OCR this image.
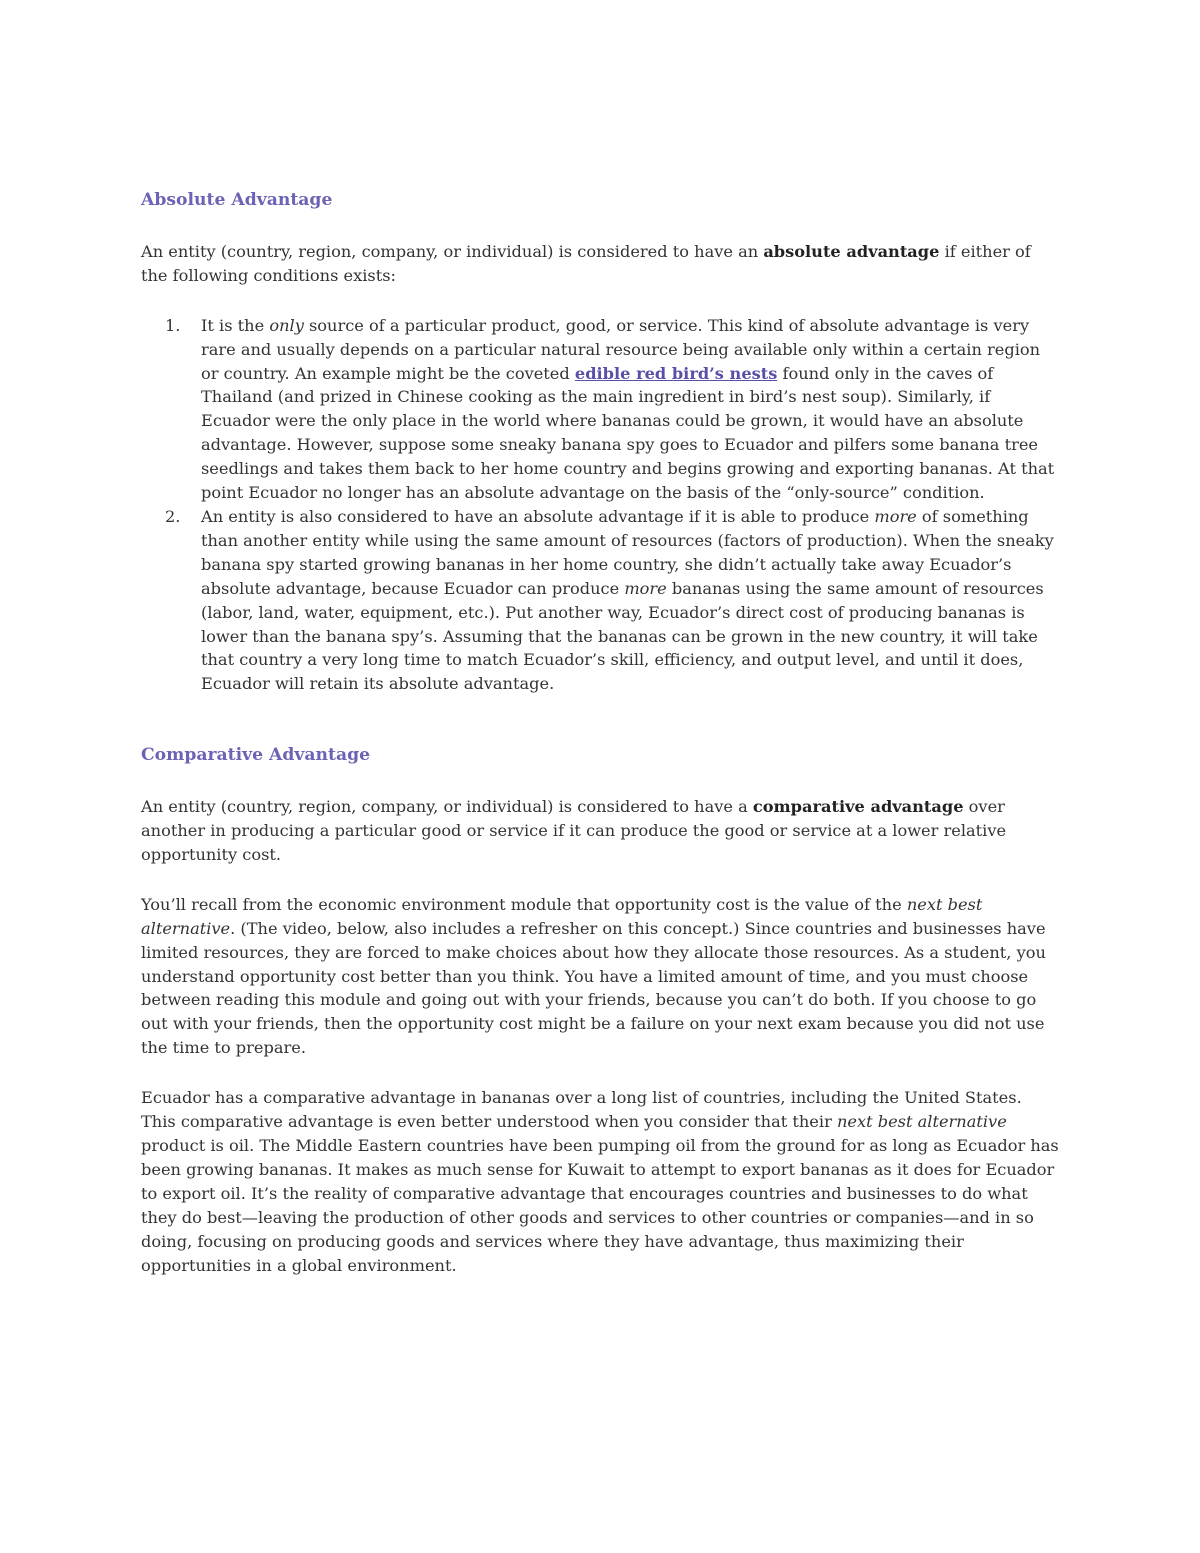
Absolute Advantage

An entity (country, region, company, or individual) is considered to have an absolute advantage if either of the following conditions exists:

1. It is the only source of a particular product, good, or service. This kind of absolute advantage is very rare and usually depends on a particular natural resource being available only within a certain region or country. An example might be the coveted edible red bird’s nests found only in the caves of Thailand (and prized in Chinese cooking as the main ingredient in bird’s nest soup). Similarly, if Ecuador were the only place in the world where bananas could be grown, it would have an absolute advantage. However, suppose some sneaky banana spy goes to Ecuador and pilfers some banana tree seedlings and takes them back to her home country and begins growing and exporting bananas. At that point Ecuador no longer has an absolute advantage on the basis of the “only-source” condition.
2. An entity is also considered to have an absolute advantage if it is able to produce more of something than another entity while using the same amount of resources (factors of production). When the sneaky banana spy started growing bananas in her home country, she didn’t actually take away Ecuador’s absolute advantage, because Ecuador can produce more bananas using the same amount of resources (labor, land, water, equipment, etc.). Put another way, Ecuador’s direct cost of producing bananas is lower than the banana spy’s. Assuming that the bananas can be grown in the new country, it will take that country a very long time to match Ecuador’s skill, efficiency, and output level, and until it does, Ecuador will retain its absolute advantage.
Comparative Advantage

An entity (country, region, company, or individual) is considered to have a comparative advantage over another in producing a particular good or service if it can produce the good or service at a lower relative opportunity cost.

You’ll recall from the economic environment module that opportunity cost is the value of the next best alternative. (The video, below, also includes a refresher on this concept.) Since countries and businesses have limited resources, they are forced to make choices about how they allocate those resources. As a student, you understand opportunity cost better than you think. You have a limited amount of time, and you must choose between reading this module and going out with your friends, because you can’t do both. If you choose to go out with your friends, then the opportunity cost might be a failure on your next exam because you did not use the time to prepare.

Ecuador has a comparative advantage in bananas over a long list of countries, including the United States. This comparative advantage is even better understood when you consider that their next best alternative product is oil. The Middle Eastern countries have been pumping oil from the ground for as long as Ecuador has been growing bananas. It makes as much sense for Kuwait to attempt to export bananas as it does for Ecuador to export oil. It’s the reality of comparative advantage that encourages countries and businesses to do what they do best—leaving the production of other goods and services to other countries or companies—and in so doing, focusing on producing goods and services where they have advantage, thus maximizing their opportunities in a global environment.
